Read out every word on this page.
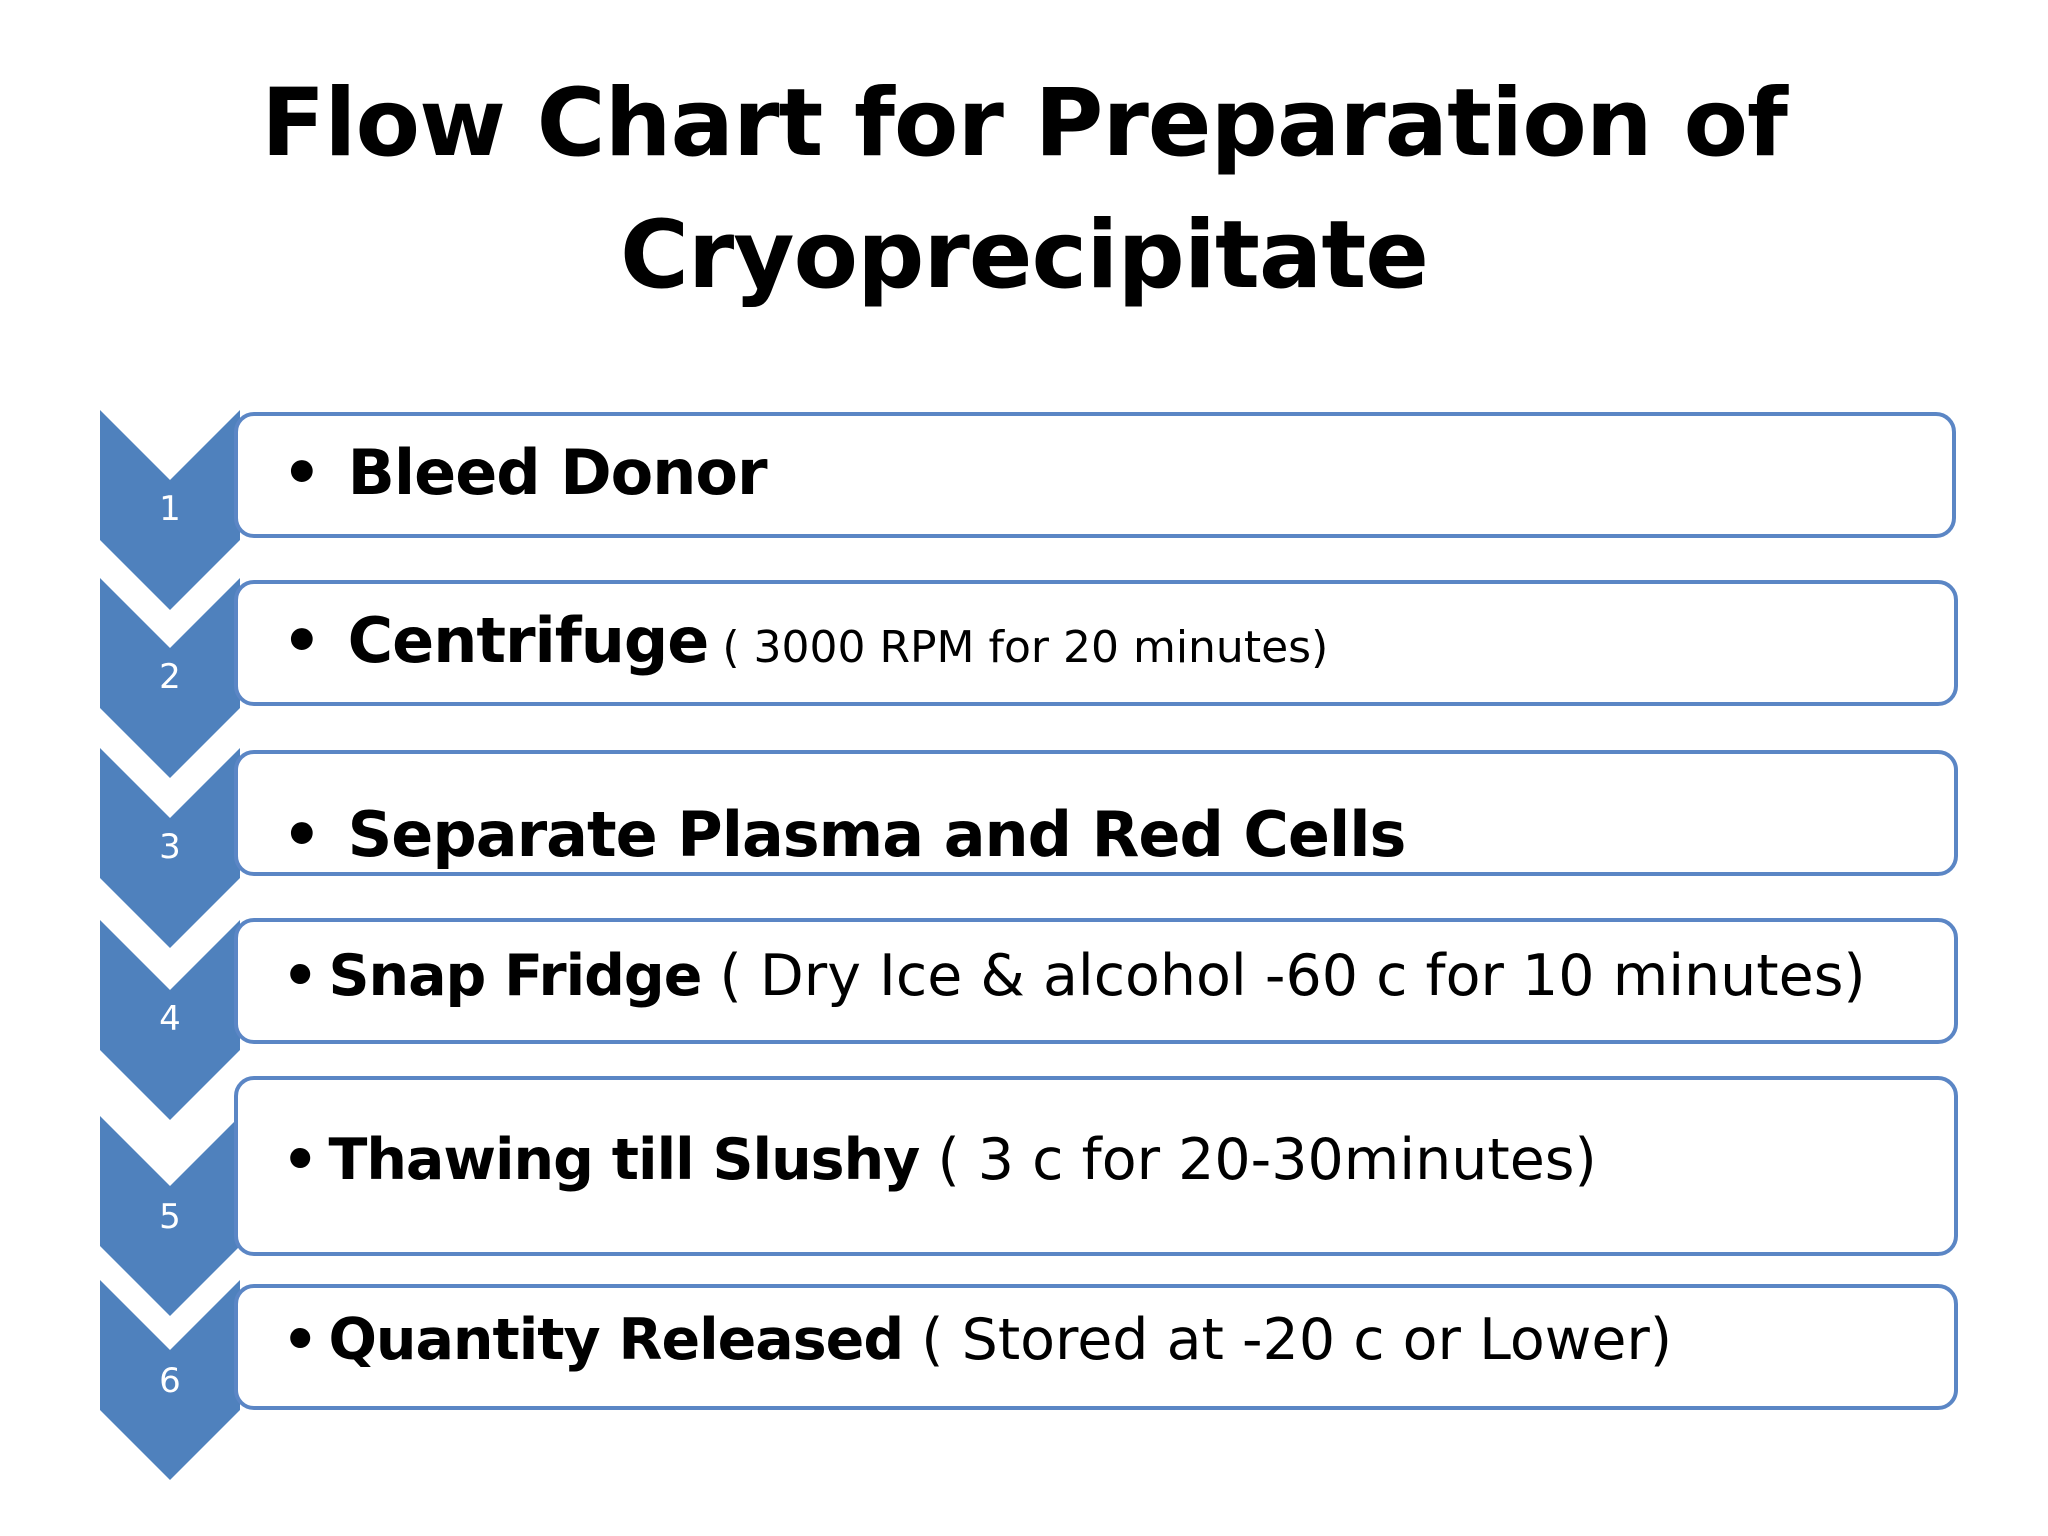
Flow Chart for Preparation of
Cryoprecipitate
1
2
3
4
5
6
• Bleed Donor
• Centrifuge ( 3000 RPM for 20 minutes)
• Separate Plasma and Red Cells
• Snap Fridge ( Dry Ice & alcohol -60 c for 10 minutes)
• Thawing till Slushy ( 3 c for 20-30minutes)
• Quantity Released ( Stored at -20 c or Lower)
